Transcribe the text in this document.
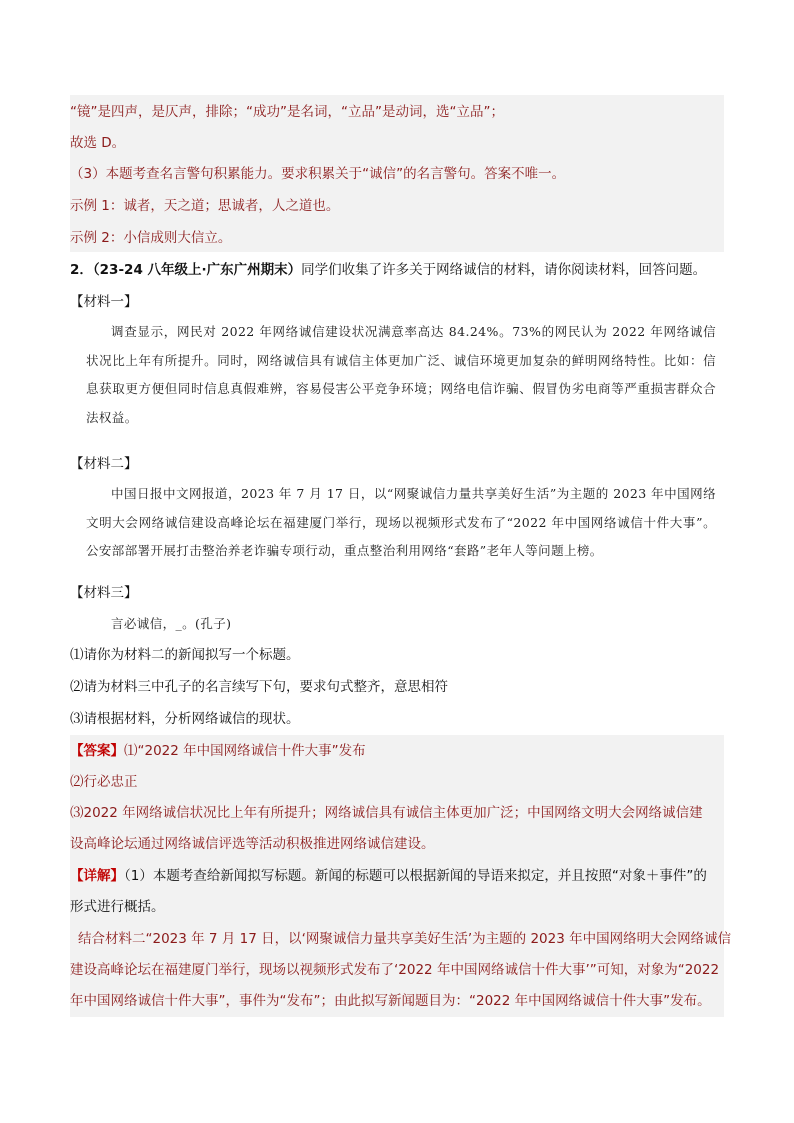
“镜”是四声，是仄声，排除；“成功”是名词，“立品”是动词，选“立品”；
故选 D。
（3）本题考查名言警句积累能力。要求积累关于“诚信”的名言警句。答案不唯一。
示例 1：诚者，天之道；思诚者，人之道也。
示例 2：小信成则大信立。
2．（23-24 八年级上·广东广州期末）同学们收集了许多关于网络诚信的材料，请你阅读材料，回答问题。
【材料一】
调查显示，网民对 2022 年网络诚信建设状况满意率高达 84.24%。73%的网民认为 2022 年网络诚信状况比上年有所提升。同时，网络诚信具有诚信主体更加广泛、诚信环境更加复杂的鲜明网络特性。比如：信息获取更方便但同时信息真假难辨，容易侵害公平竞争环境；网络电信诈骗、假冒伪劣电商等严重损害群众合法权益。
【材料二】
中国日报中文网报道，2023 年 7 月 17 日，以“网聚诚信力量共享美好生活”为主题的 2023 年中国网络文明大会网络诚信建设高峰论坛在福建厦门举行，现场以视频形式发布了“2022 年中国网络诚信十件大事”。公安部部署开展打击整治养老诈骗专项行动，重点整治利用网络“套路”老年人等问题上榜。
【材料三】
言必诚信，_。(孔子)
⑴请你为材料二的新闻拟写一个标题。
⑵请为材料三中孔子的名言续写下句，要求句式整齐，意思相符
⑶请根据材料，分析网络诚信的现状。
【答案】⑴“2022 年中国网络诚信十件大事”发布
⑵行必忠正
⑶2022 年网络诚信状况比上年有所提升；网络诚信具有诚信主体更加广泛；中国网络文明大会网络诚信建
设高峰论坛通过网络诚信评选等活动积极推进网络诚信建设。
【详解】（1）本题考查给新闻拟写标题。新闻的标题可以根据新闻的导语来拟定，并且按照“对象＋事件”的
形式进行概括。
结合材料二“2023 年 7 月 17 日，以‘网聚诚信力量共享美好生活’为主题的 2023 年中国网络明大会网络诚信
建设高峰论坛在福建厦门举行，现场以视频形式发布了‘2022 年中国网络诚信十件大事’”可知，对象为“2022
年中国网络诚信十件大事”，事件为“发布”；由此拟写新闻题目为：“2022 年中国网络诚信十件大事”发布。
